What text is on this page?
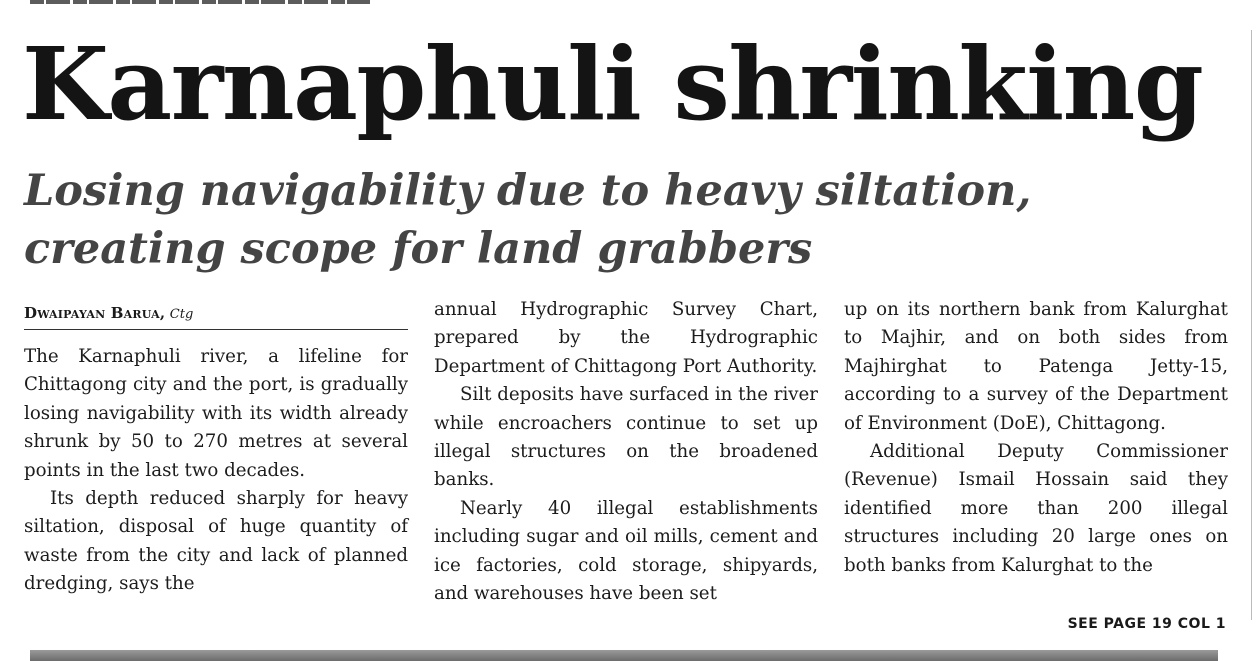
Karnaphuli shrinking
Losing navigability due to heavy siltation, creating scope for land grabbers
Dwaipayan Barua, Ctg

The Karnaphuli river, a lifeline for Chittagong city and the port, is gradually losing navigability with its width already shrunk by 50 to 270 metres at several points in the last two decades.

Its depth reduced sharply for heavy siltation, disposal of huge quantity of waste from the city and lack of planned dredging, says the

annual Hydrographic Survey Chart, prepared by the Hydrographic Department of Chittagong Port Authority.

Silt deposits have surfaced in the river while encroachers continue to set up illegal structures on the broadened banks.

Nearly 40 illegal establishments including sugar and oil mills, cement and ice factories, cold storage, shipyards, and warehouses have been set

up on its northern bank from Kalurghat to Majhir, and on both sides from Majhirghat to Patenga Jetty-15, according to a survey of the Department of Environment (DoE), Chittagong.

Additional Deputy Commissioner (Revenue) Ismail Hossain said they identified more than 200 illegal structures including 20 large ones on both banks from Kalurghat to the

SEE PAGE 19 COL 1
